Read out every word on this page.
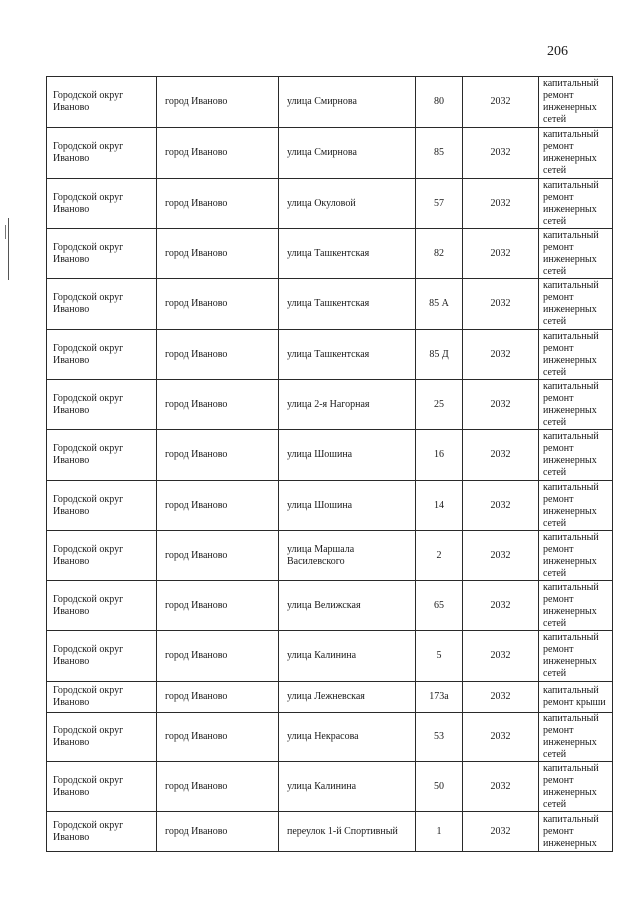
206
Городской округ
Иваново	город Иваново	улица Смирнова	80	2032	капитальный
ремонт
инженерных
сетей

Городской округ
Иваново	город Иваново	улица Смирнова	85	2032	капитальный
ремонт
инженерных
сетей

Городской округ
Иваново	город Иваново	улица Окуловой	57	2032	капитальный
ремонт
инженерных
сетей

Городской округ
Иваново	город Иваново	улица Ташкентская	82	2032	капитальный
ремонт
инженерных
сетей

Городской округ
Иваново	город Иваново	улица Ташкентская	85 А	2032	капитальный
ремонт
инженерных
сетей

Городской округ
Иваново	город Иваново	улица Ташкентская	85 Д	2032	капитальный
ремонт
инженерных
сетей

Городской округ
Иваново	город Иваново	улица 2-я Нагорная	25	2032	капитальный
ремонт
инженерных
сетей

Городской округ
Иваново	город Иваново	улица Шошина	16	2032	капитальный
ремонт
инженерных
сетей

Городской округ
Иваново	город Иваново	улица Шошина	14	2032	капитальный
ремонт
инженерных
сетей

Городской округ
Иваново	город Иваново	улица Маршала Василевского	2	2032	капитальный
ремонт
инженерных
сетей

Городской округ
Иваново	город Иваново	улица Велижская	65	2032	капитальный
ремонт
инженерных
сетей

Городской округ
Иваново	город Иваново	улица Калинина	5	2032	капитальный
ремонт
инженерных
сетей

Городской округ
Иваново	город Иваново	улица Лежневская	173а	2032	капитальный
ремонт крыши

Городской округ
Иваново	город Иваново	улица Некрасова	53	2032	капитальный
ремонт
инженерных
сетей

Городской округ
Иваново	город Иваново	улица Калинина	50	2032	капитальный
ремонт
инженерных
сетей

Городской округ
Иваново	город Иваново	переулок 1-й Спортивный	1	2032	капитальный
ремонт
инженерных
